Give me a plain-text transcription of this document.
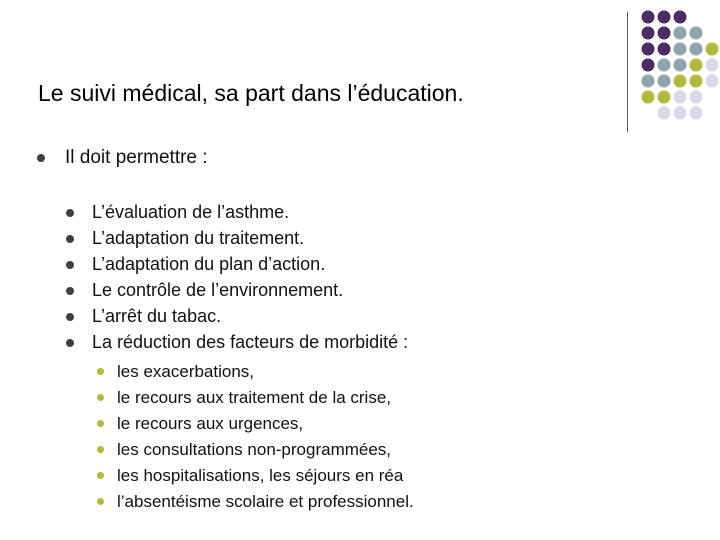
Le suivi médical, sa part dans l’éducation.
Il doit permettre :
L’évaluation de l’asthme.
L’adaptation du traitement.
L’adaptation du plan d’action.
Le contrôle de l’environnement.
L’arrêt du tabac.
La réduction des facteurs de morbidité :
les exacerbations,
le recours aux traitement de la crise,
le recours aux urgences,
les consultations non-programmées,
les hospitalisations, les séjours en réa
l’absentéisme scolaire et professionnel.
